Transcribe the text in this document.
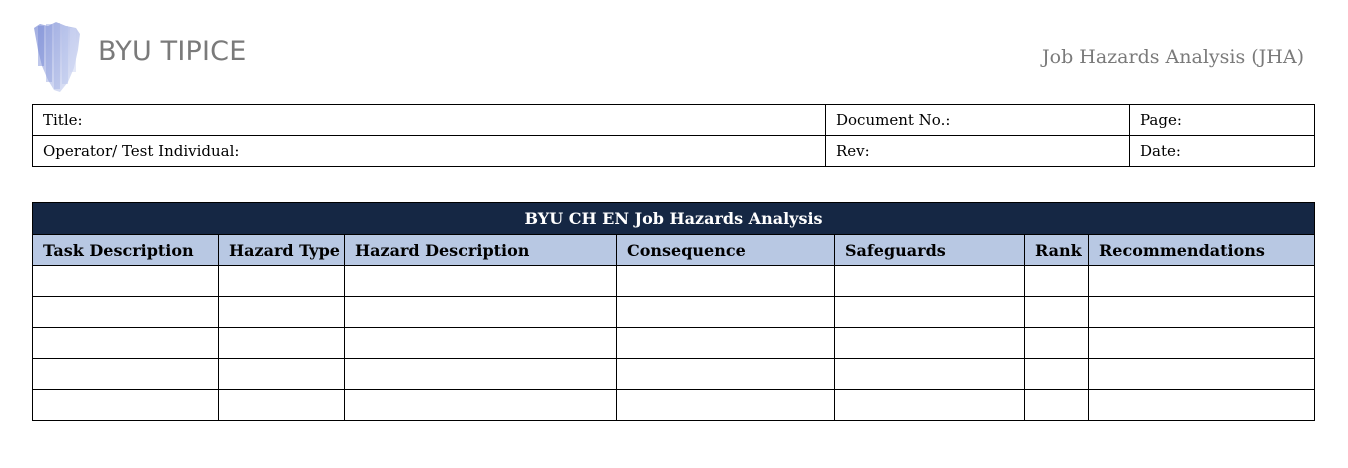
BYU TIPICE	Job Hazards Analysis (JHA)
Title:	Document No.:	Page:
Operator/ Test Individual:	Rev:	Date:
BYU CH EN Job Hazards Analysis						
Task Description	Hazard Type	Hazard Description	Consequence	Safeguards	Rank	Recommendations
